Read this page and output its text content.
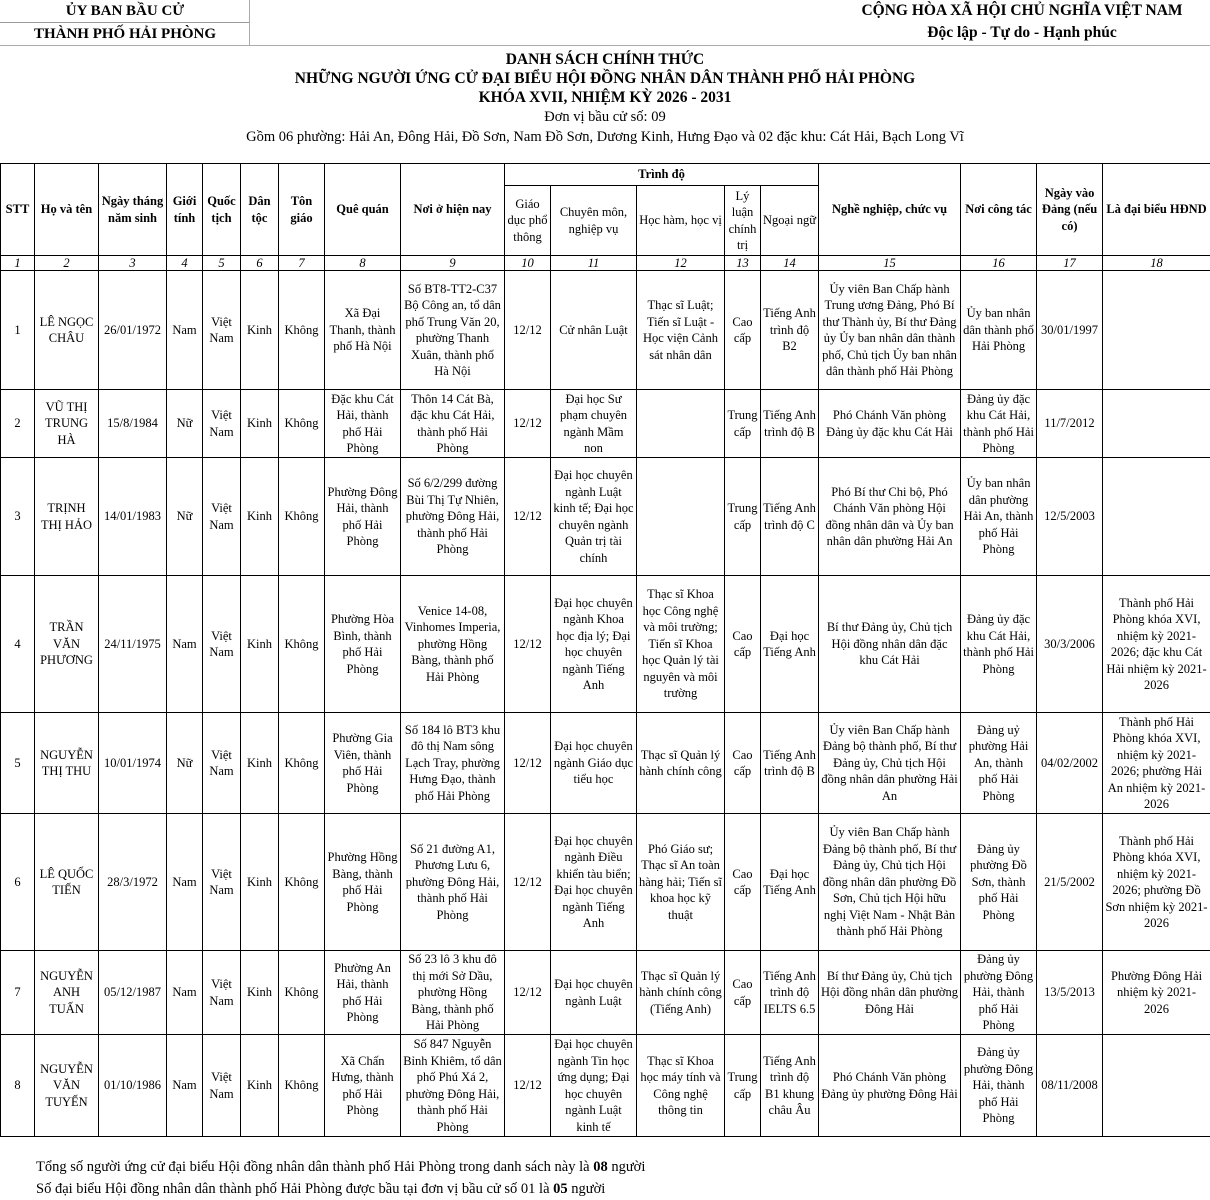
ỦY BAN BẦU CỬ
THÀNH PHỐ HẢI PHÒNG
CỘNG HÒA XÃ HỘI CHỦ NGHĨA VIỆT NAM
Độc lập - Tự do - Hạnh phúc
DANH SÁCH CHÍNH THỨC
NHỮNG NGƯỜI ỨNG CỬ ĐẠI BIỂU HỘI ĐỒNG NHÂN DÂN THÀNH PHỐ HẢI PHÒNG
KHÓA XVII, NHIỆM KỲ 2026 - 2031
Đơn vị bầu cử số: 09
Gồm 06 phường: Hải An, Đông Hải, Đồ Sơn, Nam Đồ Sơn, Dương Kinh, Hưng Đạo và 02 đặc khu: Cát Hải, Bạch Long Vĩ
STT	Họ và tên	Ngày tháng năm sinh	Giới tính	Quốc tịch	Dân tộc	Tôn giáo	Quê quán	Nơi ở hiện nay	Trình độ					Nghề nghiệp, chức vụ	Nơi công tác	Ngày vào Đảng (nếu có)	Là đại biểu HĐND
									Giáo dục phổ thông	Chuyên môn, nghiệp vụ	Học hàm, học vị	Lý luận chính trị	Ngoại ngữ				
1	2	3	4	5	6	7	8	9	10	11	12	13	14	15	16	17	18
1	LÊ NGỌC CHÂU	26/01/1972	Nam	Việt Nam	Kinh	Không	Xã Đại Thanh, thành phố Hà Nội	Số BT8-TT2-C37 Bộ Công an, tổ dân phố Trung Văn 20, phường Thanh Xuân, thành phố Hà Nội	12/12	Cử nhân Luật	Thạc sĩ Luật; Tiến sĩ Luật - Học viện Cảnh sát nhân dân	Cao cấp	Tiếng Anh trình độ B2	Ủy viên Ban Chấp hành Trung ương Đảng, Phó Bí thư Thành ủy, Bí thư Đảng ủy Ủy ban nhân dân thành phố, Chủ tịch Ủy ban nhân dân thành phố Hải Phòng	Ủy ban nhân dân thành phố Hải Phòng	30/01/1997	
2	VŨ THỊ TRUNG HÀ	15/8/1984	Nữ	Việt Nam	Kinh	Không	Đặc khu Cát Hải, thành phố Hải Phòng	Thôn 14 Cát Bà, đặc khu Cát Hải, thành phố Hải Phòng	12/12	Đại học Sư phạm chuyên ngành Mầm non		Trung cấp	Tiếng Anh trình độ B	Phó Chánh Văn phòng Đảng ủy đặc khu Cát Hải	Đảng ủy đặc khu Cát Hải, thành phố Hải Phòng	11/7/2012	
3	TRỊNH THỊ HẢO	14/01/1983	Nữ	Việt Nam	Kinh	Không	Phường Đông Hải, thành phố Hải Phòng	Số 6/2/299 đường Bùi Thị Tự Nhiên, phường Đông Hải, thành phố Hải Phòng	12/12	Đại học chuyên ngành Luật kinh tế; Đại học chuyên ngành Quản trị tài chính		Trung cấp	Tiếng Anh trình độ C	Phó Bí thư Chi bộ, Phó Chánh Văn phòng Hội đồng nhân dân và Ủy ban nhân dân phường Hải An	Ủy ban nhân dân phường Hải An, thành phố Hải Phòng	12/5/2003	
4	TRẦN VĂN PHƯƠNG	24/11/1975	Nam	Việt Nam	Kinh	Không	Phường Hòa Bình, thành phố Hải Phòng	Venice 14-08, Vinhomes Imperia, phường Hồng Bàng, thành phố Hải Phòng	12/12	Đại học chuyên ngành Khoa học địa lý; Đại học chuyên ngành Tiếng Anh	Thạc sĩ Khoa học Công nghệ và môi trường; Tiến sĩ Khoa học Quản lý tài nguyên và môi trường	Cao cấp	Đại học Tiếng Anh	Bí thư Đảng ủy, Chủ tịch Hội đồng nhân dân đặc khu Cát Hải	Đảng ủy đặc khu Cát Hải, thành phố Hải Phòng	30/3/2006	Thành phố Hải Phòng khóa XVI, nhiệm kỳ 2021-2026; đặc khu Cát Hải nhiệm kỳ 2021-2026
5	NGUYỄN THỊ THU	10/01/1974	Nữ	Việt Nam	Kinh	Không	Phường Gia Viên, thành phố Hải Phòng	Số 184 lô BT3 khu đô thị Nam sông Lạch Tray, phường Hưng Đạo, thành phố Hải Phòng	12/12	Đại học chuyên ngành Giáo dục tiểu học	Thạc sĩ Quản lý hành chính công	Cao cấp	Tiếng Anh trình độ B	Ủy viên Ban Chấp hành Đảng bộ thành phố, Bí thư Đảng ủy, Chủ tịch Hội đồng nhân dân phường Hải An	Đảng uỷ phường Hải An, thành phố Hải Phòng	04/02/2002	Thành phố Hải Phòng khóa XVI, nhiệm kỳ 2021-2026; phường Hải An nhiệm kỳ 2021-2026
6	LÊ QUỐC TIẾN	28/3/1972	Nam	Việt Nam	Kinh	Không	Phường Hồng Bàng, thành phố Hải Phòng	Số 21 đường A1, Phương Lưu 6, phường Đông Hải, thành phố Hải Phòng	12/12	Đại học chuyên ngành Điều khiển tàu biển; Đại học chuyên ngành Tiếng Anh	Phó Giáo sư; Thạc sĩ An toàn hàng hải; Tiến sĩ khoa học kỹ thuật	Cao cấp	Đại học Tiếng Anh	Ủy viên Ban Chấp hành Đảng bộ thành phố, Bí thư Đảng ủy, Chủ tịch Hội đồng nhân dân phường Đồ Sơn, Chủ tịch Hội hữu nghị Việt Nam - Nhật Bản thành phố Hải Phòng	Đảng ủy phường Đồ Sơn, thành phố Hải Phòng	21/5/2002	Thành phố Hải Phòng khóa XVI, nhiệm kỳ 2021-2026; phường Đồ Sơn nhiệm kỳ 2021-2026
7	NGUYỄN ANH TUẤN	05/12/1987	Nam	Việt Nam	Kinh	Không	Phường An Hải, thành phố Hải Phòng	Số 23 lô 3 khu đô thị mới Sở Dầu, phường Hồng Bàng, thành phố Hải Phòng	12/12	Đại học chuyên ngành Luật	Thạc sĩ Quản lý hành chính công (Tiếng Anh)	Cao cấp	Tiếng Anh trình độ IELTS 6.5	Bí thư Đảng ủy, Chủ tịch Hội đồng nhân dân phường Đông Hải	Đảng ủy phường Đông Hải, thành phố Hải Phòng	13/5/2013	Phường Đông Hải nhiệm kỳ 2021-2026
8	NGUYỄN VĂN TUYẾN	01/10/1986	Nam	Việt Nam	Kinh	Không	Xã Chấn Hưng, thành phố Hải Phòng	Số 847 Nguyễn Bỉnh Khiêm, tổ dân phố Phú Xá 2, phường Đông Hải, thành phố Hải Phòng	12/12	Đại học chuyên ngành Tin học ứng dụng; Đại học chuyên ngành Luật kinh tế	Thạc sĩ Khoa học máy tính và Công nghệ thông tin	Trung cấp	Tiếng Anh trình độ B1 khung châu Âu	Phó Chánh Văn phòng Đảng ủy phường Đông Hải	Đảng ủy phường Đông Hải, thành phố Hải Phòng	08/11/2008	
Tổng số người ứng cử đại biểu Hội đồng nhân dân thành phố Hải Phòng trong danh sách này là 08 người
Số đại biểu Hội đồng nhân dân thành phố Hải Phòng được bầu tại đơn vị bầu cử số 01 là 05 người
